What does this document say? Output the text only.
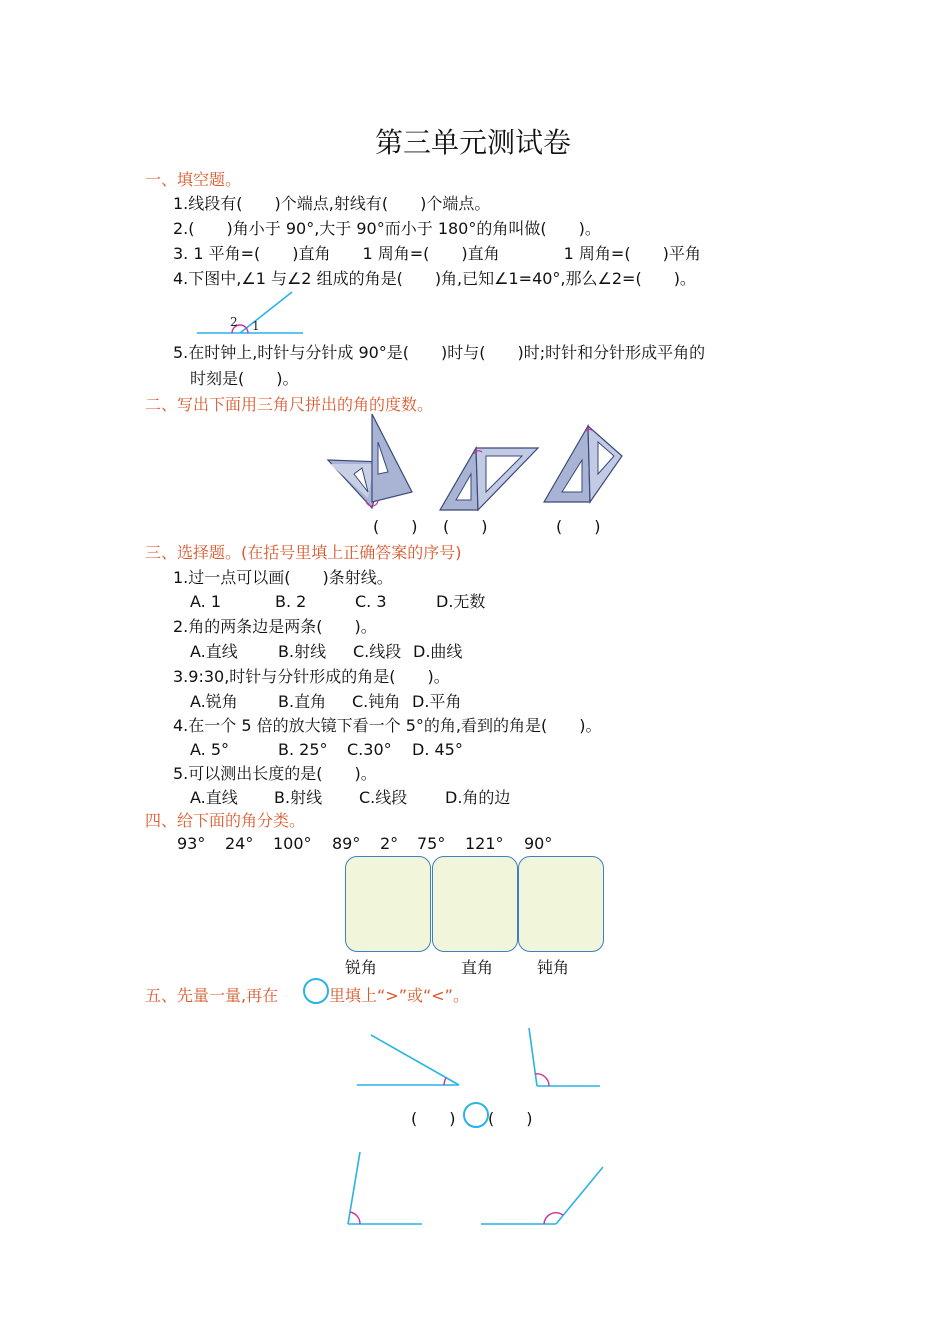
第三单元测试卷
一、填空题。
1.线段有(　　)个端点,射线有(　　)个端点。
2.(　　)角小于 90°,大于 90°而小于 180°的角叫做(　　)。
3. 1 平角=(　　)直角　　1 周角=(　　)直角　　　　1 周角=(　　)平角
4.下图中,∠1 与∠2 组成的角是(　　)角,已知∠1=40°,那么∠2=(　　)。
1
2
5.在时钟上,时针与分针成 90°是(　　)时与(　　)时;时针和分针形成平角的
时刻是(　　)。
二、写出下面用三角尺拼出的角的度数。
(　　) (　　)	(　　)
三、选择题。(在括号里填上正确答案的序号)
1.过一点可以画(　　)条射线。
A. 1	B. 2	C. 3	D.无数
2.角的两条边是两条(　　)。
A.直线	B.射线 C.线段 D.曲线
3.9:30,时针与分针形成的角是(　　)。
A.锐角	B.直角 C.钝角 D.平角
4.在一个 5 倍的放大镜下看一个 5°的角,看到的角是(　　)。
A. 5°	B. 25° C.30° D. 45°
5.可以测出长度的是(　　)。
A.直线 B.射线 C.线段 D.角的边
四、给下面的角分类。
93° 24° 100° 89° 2° 75° 121° 90°
锐角	直角	钝角
五、先量一量,再在	里填上“>”或“<”。
(　　) (　　)
